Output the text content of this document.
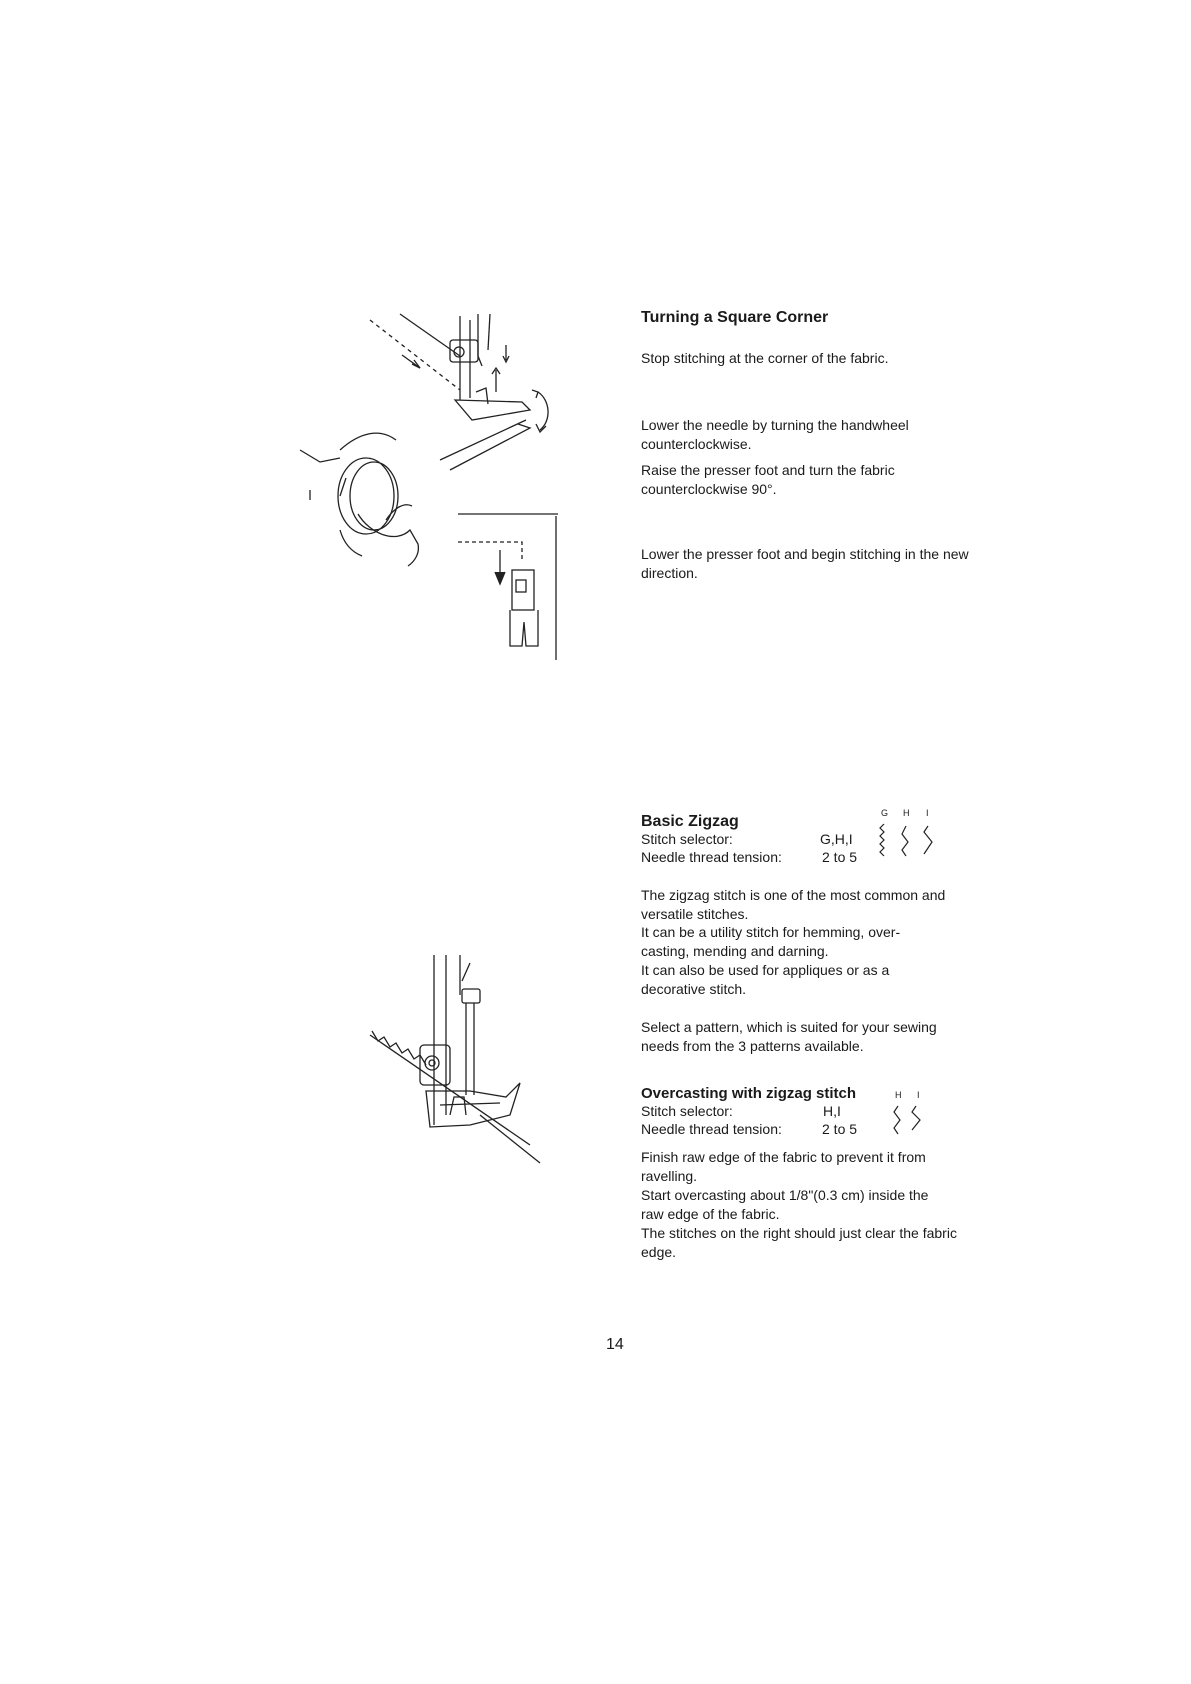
Turning a Square Corner
Stop stitching at the corner of the fabric.
Lower the needle by turning the handwheel counterclockwise.
Raise the presser foot and turn the fabric counterclockwise 90°.
Lower the presser foot and begin stitching in the new direction.
Basic Zigzag
Stitch selector:	G,H,I
Needle thread tension:	2 to 5
G H I
The zigzag stitch is one of the most common and versatile stitches.
It can be a utility stitch for hemming, over-casting, mending and darning.
It can also be used for appliques or as a decorative stitch.
Select a pattern, which is suited for your sewing needs from the 3 patterns available.
Overcasting with zigzag stitch
Stitch selector:	H,I
Needle thread tension:	2 to 5
H I
Finish raw edge of the fabric to prevent it from ravelling.
Start overcasting about 1/8"(0.3 cm) inside the raw edge of the fabric.
The stitches on the right should just clear the fabric edge.
14
